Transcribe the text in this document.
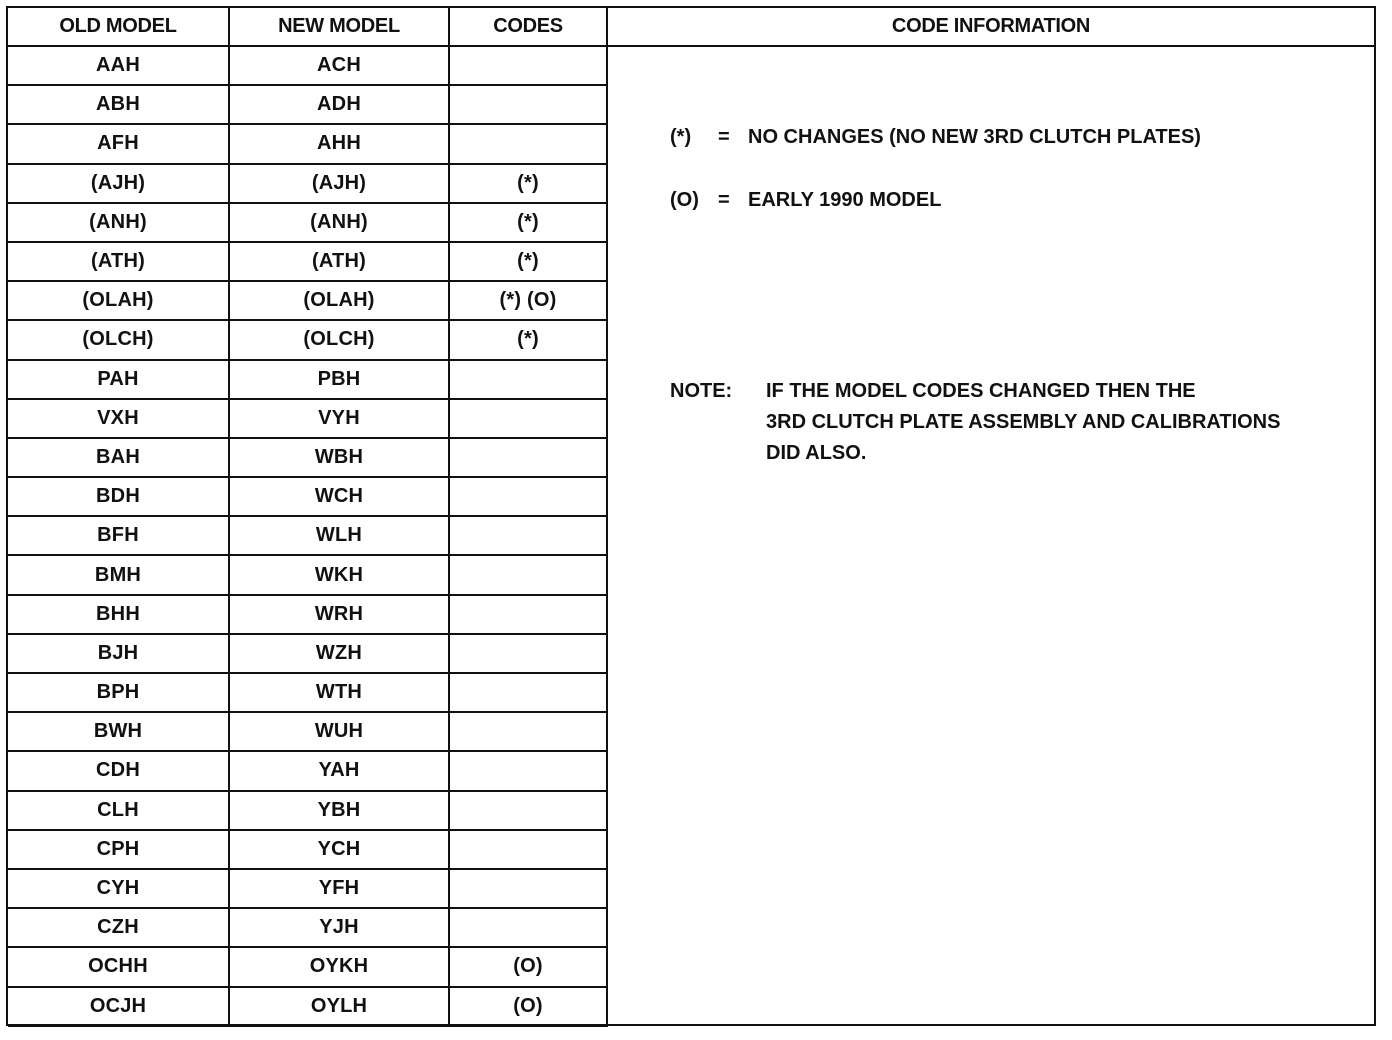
OLD MODEL	NEW MODEL	CODES
AAH	ACH
ABH	ADH
AFH	AHH
(AJH)	(AJH)	(*)
(ANH)	(ANH)	(*)
(ATH)	(ATH)	(*)
(OLAH)	(OLAH)	(*) (O)
(OLCH)	(OLCH)	(*)
PAH	PBH
VXH	VYH
BAH	WBH
BDH	WCH
BFH	WLH
BMH	WKH
BHH	WRH
BJH	WZH
BPH	WTH
BWH	WUH
CDH	YAH
CLH	YBH
CPH	YCH
CYH	YFH
CZH	YJH
OCHH	OYKH	(O)
OCJH	OYLH	(O)
CODE INFORMATION
(*) = NO CHANGES (NO NEW 3RD CLUTCH PLATES)
(O) = EARLY 1990 MODEL
NOTE: IF THE MODEL CODES CHANGED THEN THE
3RD CLUTCH PLATE ASSEMBLY AND CALIBRATIONS
DID ALSO.
